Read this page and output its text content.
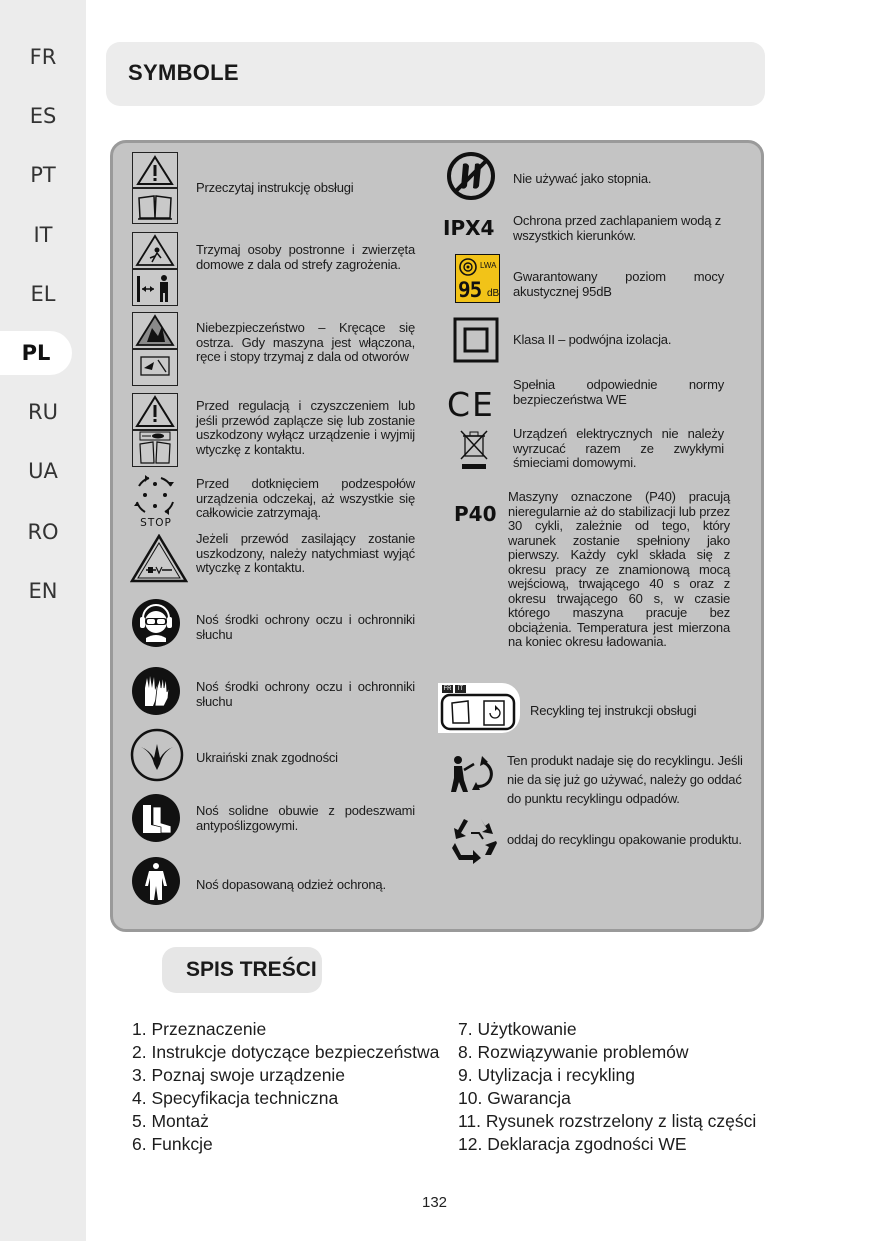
FR
ES
PT
IT
EL
PL
RU
UA
RO
EN
SYMBOLE
Przeczytaj instrukcję obsługi
Trzymaj osoby postronne i zwierzęta domowe z dala od strefy zagrożenia.
Niebezpieczeństwo – Kręcące się ostrza. Gdy maszyna jest włączona, ręce i stopy trzymaj z dala od otworów
Przed regulacją i czyszczeniem lub jeśli przewód zaplącze się lub zostanie uszkodzony wyłącz urządzenie i wyjmij wtyczkę z kontaktu.
STOP
Przed dotknięciem podzespołów urządzenia odczekaj, aż wszystkie się całkowicie zatrzymają.
Jeżeli przewód zasilający zostanie uszkodzony, należy natychmiast wyjąć wtyczkę z kontaktu.
Noś środki ochrony oczu i ochronniki słuchu
Noś środki ochrony oczu i ochronniki słuchu
Ukraiński znak zgodności
Noś solidne obuwie z podeszwami antypoślizgowymi.
Noś dopasowaną odzież ochroną.
Nie używać jako stopnia.
IPX4	Ochrona przed zachlapaniem wodą z wszystkich kierunków.
LWA
95 dB
Gwarantowany poziom mocy akustycznej 95dB
Klasa II – podwójna izolacja.
CE
Spełnia odpowiednie normy bezpieczeństwa WE
Urządzeń elektrycznych nie należy wyrzucać razem ze zwykłymi śmieciami domowymi.
P40
Maszyny oznaczone (P40) pracują nieregularnie aż do stabilizacji lub przez 30 cykli, zależnie od tego, który warunek zostanie spełniony jako pierwszy. Każdy cykl składa się z okresu pracy ze znamionową mocą wejściową, trwającego 40 s oraz z okresu trwającego 60 s, w czasie którego maszyna pracuje bez obciążenia. Temperatura jest mierzona na koniec okresu ładowania.
FR	IT
Recykling tej instrukcji obsługi
Ten produkt nadaje się do recyklingu. Jeśli nie da się już go używać, należy go oddać do punktu recyklingu odpadów.
oddaj do recyklingu opakowanie produktu.
SPIS TREŚCI
1. Przeznaczenie
2. Instrukcje dotyczące bezpieczeństwa
3. Poznaj swoje urządzenie
4. Specyfikacja techniczna
5. Montaż
6. Funkcje
7. Użytkowanie
8. Rozwiązywanie problemów
9. Utylizacja i recykling
10. Gwarancja
11. Rysunek rozstrzelony z listą części
12. Deklaracja zgodności WE
132
